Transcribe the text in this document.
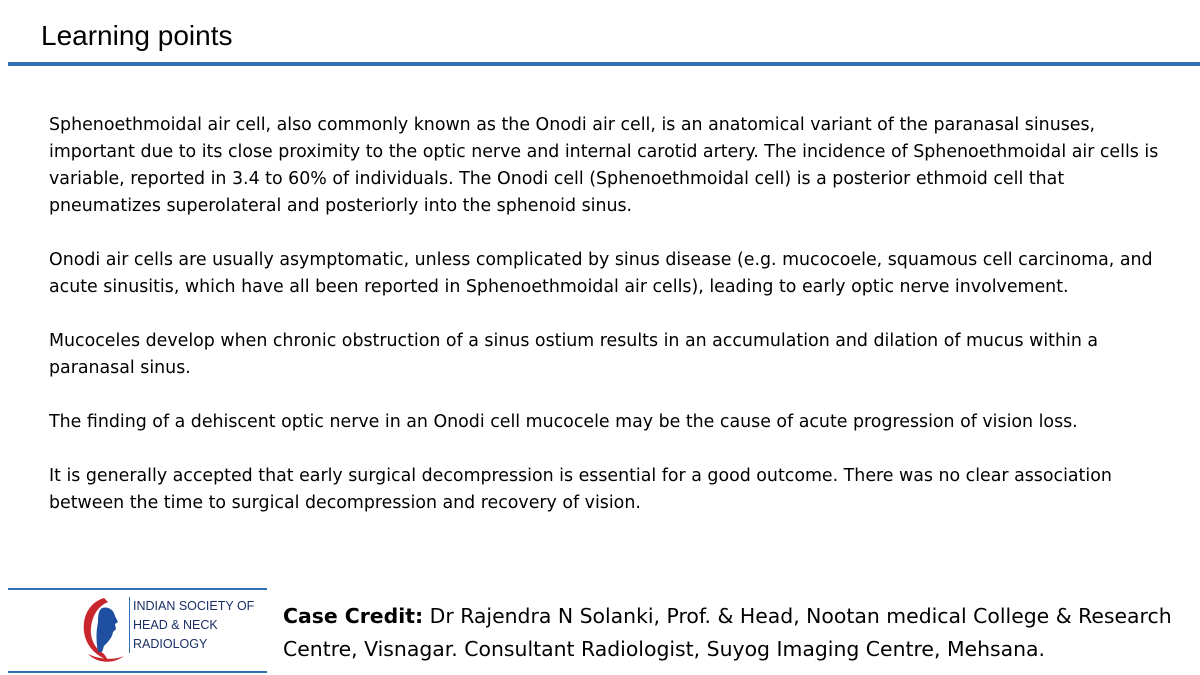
Learning points

Sphenoethmoidal air cell, also commonly known as the Onodi air cell, is an anatomical variant of the paranasal sinuses, important due to its close proximity to the optic nerve and internal carotid artery. The incidence of Sphenoethmoidal air cells is variable, reported in 3.4 to 60% of individuals. The Onodi cell (Sphenoethmoidal cell) is a posterior ethmoid cell that pneumatizes superolateral and posteriorly into the sphenoid sinus.

Onodi air cells are usually asymptomatic, unless complicated by sinus disease (e.g. mucocoele, squamous cell carcinoma, and acute sinusitis, which have all been reported in Sphenoethmoidal air cells), leading to early optic nerve involvement.

Mucoceles develop when chronic obstruction of a sinus ostium results in an accumulation and dilation of mucus within a paranasal sinus.

The finding of a dehiscent optic nerve in an Onodi cell mucocele may be the cause of acute progression of vision loss.

It is generally accepted that early surgical decompression is essential for a good outcome. There was no clear association between the time to surgical decompression and recovery of vision.

INDIAN SOCIETY OF
HEAD & NECK
RADIOLOGY
Case Credit: Dr Rajendra N Solanki, Prof. & Head, Nootan medical College & Research Centre, Visnagar. Consultant Radiologist, Suyog Imaging Centre, Mehsana.
